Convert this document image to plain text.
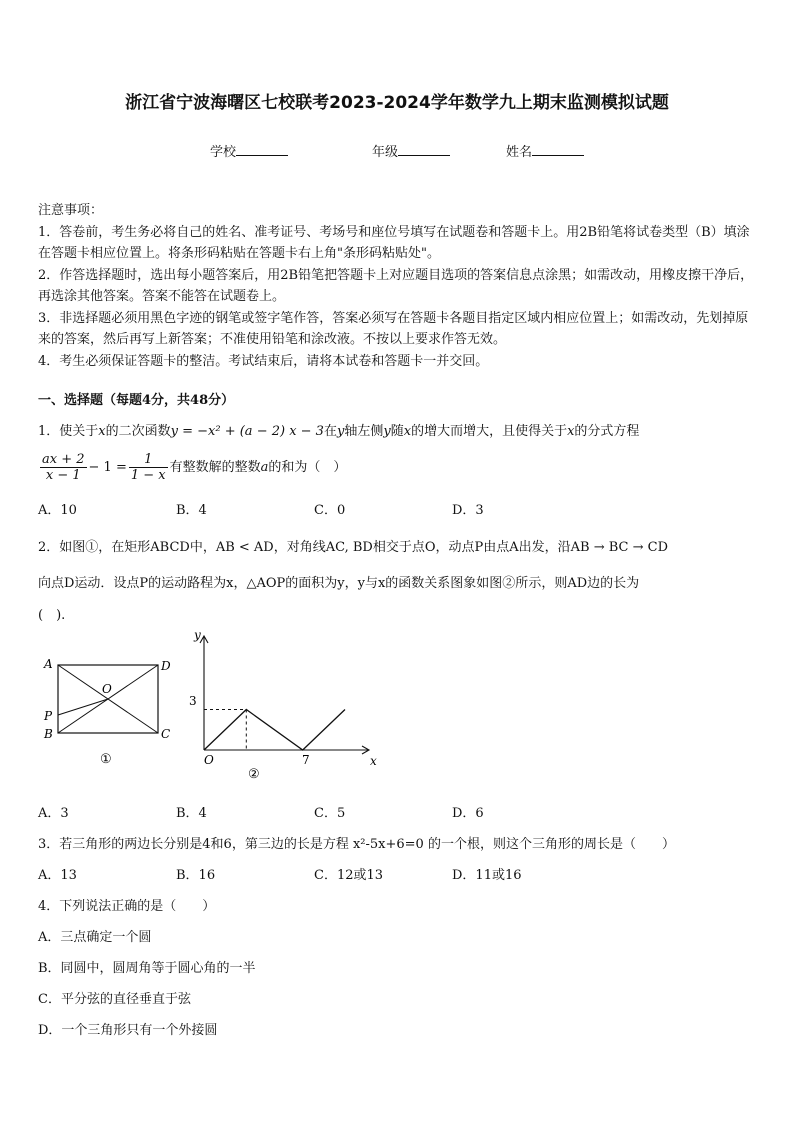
浙江省宁波海曙区七校联考2023-2024学年数学九上期末监测模拟试题
学校	年级	姓名

注意事项：

1．答卷前，考生务必将自己的姓名、准考证号、考场号和座位号填写在试题卷和答题卡上。用2B铅笔将试卷类型（B）填涂在答题卡相应位置上。将条形码粘贴在答题卡右上角"条形码粘贴处"。

2．作答选择题时，选出每小题答案后，用2B铅笔把答题卡上对应题目选项的答案信息点涂黑；如需改动，用橡皮擦干净后，再选涂其他答案。答案不能答在试题卷上。

3．非选择题必须用黑色字迹的钢笔或签字笔作答，答案必须写在答题卡各题目指定区域内相应位置上；如需改动，先划掉原来的答案，然后再写上新答案；不准使用铅笔和涂改液。不按以上要求作答无效。

4．考生必须保证答题卡的整洁。考试结束后，请将本试卷和答题卡一并交回。

一、选择题（每题4分，共48分）
1．使关于x的二次函数y = −x² + (a − 2) x − 3在y轴左侧y随x的增大而增大，且使得关于x的分式方程
$\frac{ax + 2}{x - 1} - 1 = \frac{1}{1 - x}$ 有整数解的整数a的和为（　）
A．10	B．4	C．0	D．3
2．如图①，在矩形ABCD中，AB < AD，对角线AC, BD相交于点O，动点P由点A出发，沿AB → BC → CD
向点D运动．设点P的运动路程为x，△AOP的面积为y，y与x的函数关系图象如图②所示，则AD边的长为
(　).
A	D
B	C
O
P
①	x
y
O
3
7
②
A．3	B．4	C．5	D．6
3．若三角形的两边长分别是4和6，第三边的长是方程 x²-5x+6=0 的一个根，则这个三角形的周长是（　　）
A．13	B．16	C．12或13	D．11或16
4．下列说法正确的是（　　）
A．三点确定一个圆
B．同圆中，圆周角等于圆心角的一半
C．平分弦的直径垂直于弦
D．一个三角形只有一个外接圆
